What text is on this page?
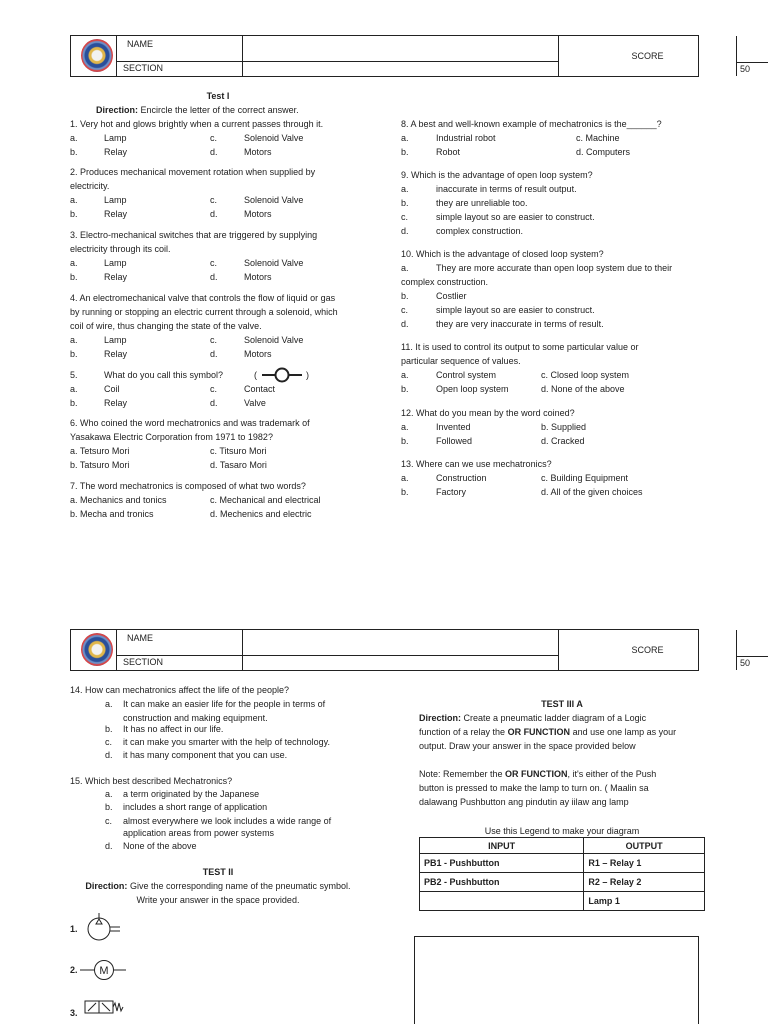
NAME
SECTION
SCORE
50
Test I
Direction: Encircle the letter of the correct answer.
1. Very hot and glows brightly when a current passes through it.
a.	Lamp	c.	Solenoid Valve
b.	Relay	d.	Motors
2. Produces mechanical movement rotation when supplied by
electricity.
a.	Lamp	c.	Solenoid Valve
b.	Relay	d.	Motors
3. Electro-mechanical switches that are triggered by supplying
electricity through its coil.
a.	Lamp	c.	Solenoid Valve
b.	Relay	d.	Motors
4. An electromechanical valve that controls the flow of liquid or gas
by running or stopping an electric current through a solenoid, which
coil of wire, thus changing the state of the valve.
a.	Lamp	c.	Solenoid Valve
b.	Relay	d.	Motors
5.	What do you call this symbol?	(	)
a.	Coil	c.	Contact
b.	Relay	d.	Valve
6. Who coined the word mechatronics and was trademark of
Yasakawa Electric Corporation from 1971 to 1982?
a. Tetsuro Mori	c. Titsuro Mori
b. Tatsuro Mori	d. Tasaro Mori
7. The word mechatronics is composed of what two words?
a. Mechanics and tonics	c. Mechanical and electrical
b. Mecha and tronics	d. Mechenics and electric
8. A best and well-known example of mechatronics is the______?
a.	Industrial robot	c. Machine
b.	Robot	d. Computers
9. Which is the advantage of open loop system?
a.	inaccurate in terms of result output.
b.	they are unreliable too.
c.	simple layout so are easier to construct.
d.	complex construction.
10. Which is the advantage of closed loop system?
a.	They are more accurate than open loop system due to their
complex construction.
b.	Costlier
c.	simple layout so are easier to construct.
d.	they are very inaccurate in terms of result.
11. It is used to control its output to some particular value or
particular sequence of values.
a.	Control system	c. Closed loop system
b.	Open loop system	d. None of the above
12. What do you mean by the word coined?
a.	Invented	b. Supplied
b.	Followed	d. Cracked
13. Where can we use mechatronics?
a.	Construction	c. Building Equipment
b.	Factory	d. All of the given choices
NAME
SECTION
SCORE
50
14. How can mechatronics affect the life of the people?
a. It can make an easier life for the people in terms of
construction and making equipment.
b. It has no affect in our life.
c. it can make you smarter with the help of technology.
d. it has many component that you can use.
15. Which best described Mechatronics?
a. a term originated by the Japanese
b. includes a short range of application
c. almost everywhere we look includes a wide range of
application areas from power systems
d. None of the above
TEST II
Direction: Give the corresponding name of the pneumatic symbol.
Write your answer in the space provided.
1.
2. M
3.
TEST III A
Direction: Create a pneumatic ladder diagram of a Logic
function of a relay the OR FUNCTION and use one lamp as your
output. Draw your answer in the space provided below
Note: Remember the OR FUNCTION, it's either of the Push
button is pressed to make the lamp to turn on. ( Maalin sa
dalawang Pushbutton ang pindutin ay iilaw ang lamp
Use this Legend to make your diagram
INPUT	OUTPUT
PB1 - Pushbutton	R1 – Relay 1
PB2 - Pushbutton	R2 – Relay 2
	Lamp 1
